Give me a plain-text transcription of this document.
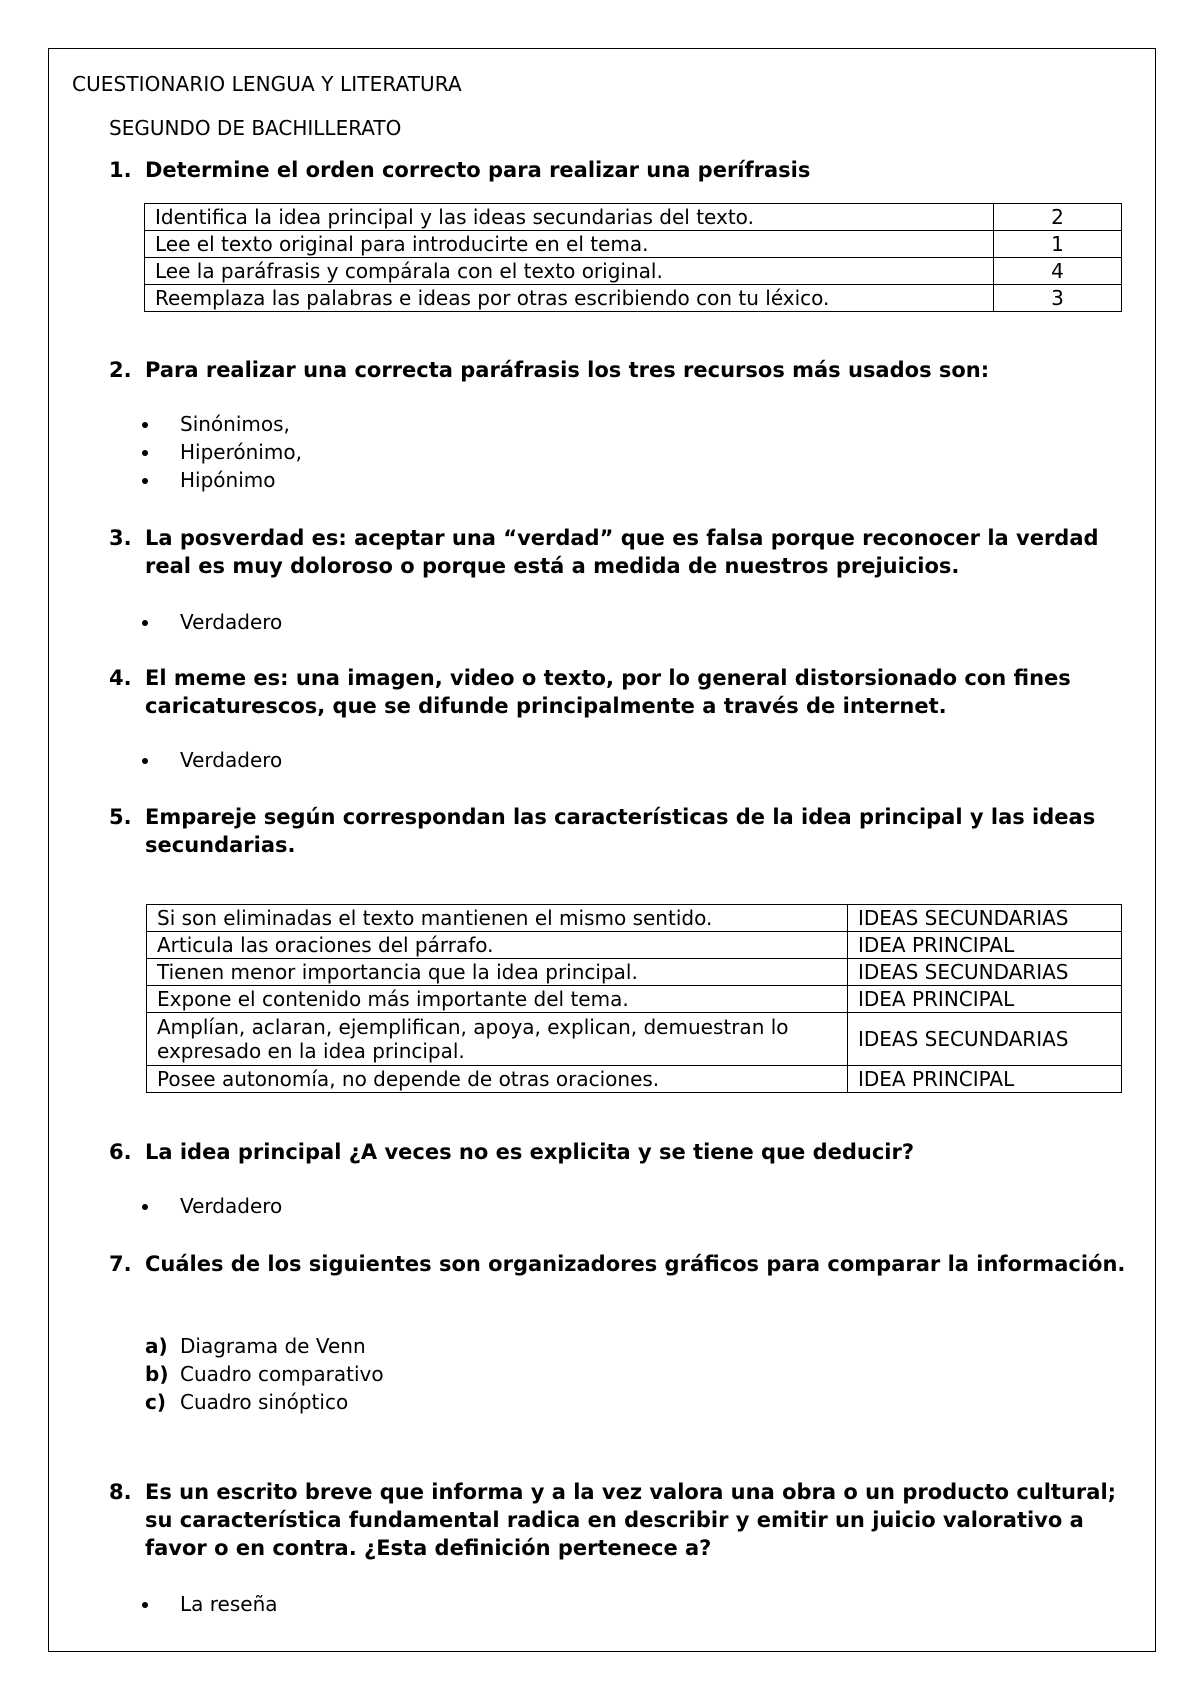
CUESTIONARIO LENGUA Y LITERATURA
SEGUNDO DE BACHILLERATO
1. Determine el orden correcto para realizar una perífrasis
Identifica la idea principal y las ideas secundarias del texto.	2
Lee el texto original para introducirte en el tema.	1
Lee la paráfrasis y compárala con el texto original.	4
Reemplaza las palabras e ideas por otras escribiendo con tu léxico.	3
2. Para realizar una correcta paráfrasis los tres recursos más usados son:
Sinónimos,
Hiperónimo,
Hipónimo
3. La posverdad es: aceptar una “verdad” que es falsa porque reconocer la verdad real es muy doloroso o porque está a medida de nuestros prejuicios.
Verdadero
4. El meme es: una imagen, video o texto, por lo general distorsionado con fines caricaturescos, que se difunde principalmente a través de internet.
Verdadero
5. Empareje según correspondan las características de la idea principal y las ideas secundarias.
Si son eliminadas el texto mantienen el mismo sentido.	IDEAS SECUNDARIAS
Articula las oraciones del párrafo.	IDEA PRINCIPAL
Tienen menor importancia que la idea principal.	IDEAS SECUNDARIAS
Expone el contenido más importante del tema.	IDEA PRINCIPAL
Amplían, aclaran, ejemplifican, apoya, explican, demuestran lo expresado en la idea principal.	IDEAS SECUNDARIAS
Posee autonomía, no depende de otras oraciones.	IDEA PRINCIPAL
6. La idea principal ¿A veces no es explicita y se tiene que deducir?
Verdadero
7. Cuáles de los siguientes son organizadores gráficos para comparar la información.
a) Diagrama de Venn
b) Cuadro comparativo
c) Cuadro sinóptico
8. Es un escrito breve que informa y a la vez valora una obra o un producto cultural; su característica fundamental radica en describir y emitir un juicio valorativo a favor o en contra. ¿Esta definición pertenece a?
La reseña
